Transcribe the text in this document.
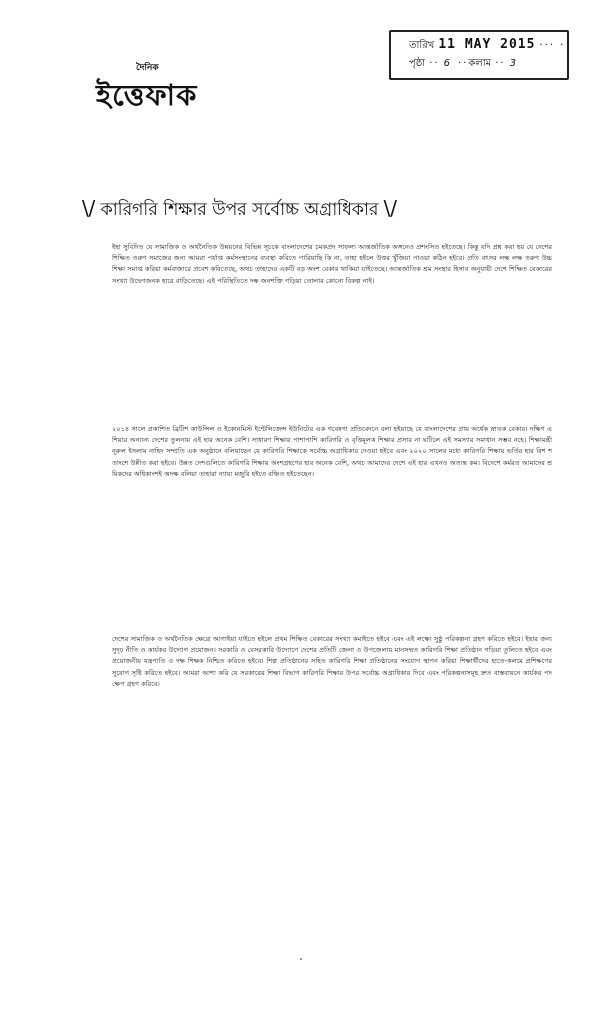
তারিখ 11 MAY 2015 ··· ·
পৃষ্ঠা ·· 6 ·· কলাম ·· 3
দৈনিক
ইত্তেফাক
\/ কারিগরি শিক্ষার উপর সর্বোচ্চ অগ্রাধিকার \/

ইহা সুবিদিত যে সামাজিক ও অর্থনৈতিক উন্নয়নের বিভিন্ন সূচকে বাংলাদেশের চমকপ্রদ সাফল্য আন্তর্জাতিক অঙ্গনেও প্রশংসিত হইতেছে। কিন্তু যদি প্রশ্ন করা হয় যে দেশের শিক্ষিত তরুণ সমাজের জন্য আমরা পর্যাপ্ত কর্মসংস্থানের ব্যবস্থা করিতে পারিয়াছি কি না, তাহা হইলে উত্তর খুঁজিয়া পাওয়া কঠিন হইবে। প্রতি বৎসর লক্ষ লক্ষ তরুণ উচ্চ শিক্ষা সমাপ্ত করিয়া কর্মবাজারে প্রবেশ করিতেছে, অথচ তাহাদের একটি বড় অংশ বেকার থাকিয়া যাইতেছে। আন্তর্জাতিক শ্রম সংস্থার হিসাব অনুযায়ী দেশে শিক্ষিত বেকারের সংখ্যা উদ্বেগজনক হারে বাড়িতেছে। এই পরিস্থিতিতে দক্ষ জনশক্তি গড়িয়া তোলার কোনো বিকল্প নাই।

২০১৪ সালে প্রকাশিত ব্রিটিশ কাউন্সিল ও ইকোনমিস্ট ইন্টেলিজেন্স ইউনিটের এক গবেষণা প্রতিবেদনে বলা হইয়াছে যে বাংলাদেশের প্রায় অর্ধেক স্নাতক বেকার। দক্ষিণ এশিয়ার অন্যান্য দেশের তুলনায় এই হার অনেক বেশি। সাধারণ শিক্ষার পাশাপাশি কারিগরি ও বৃত্তিমূলক শিক্ষার প্রসার না ঘটিলে এই সমস্যার সমাধান সম্ভব নহে। শিক্ষামন্ত্রী নূরুল ইসলাম নাহিদ সম্প্রতি এক অনুষ্ঠানে বলিয়াছেন যে কারিগরি শিক্ষাকে সর্বোচ্চ অগ্রাধিকার দেওয়া হইবে এবং ২০২০ সালের মধ্যে কারিগরি শিক্ষায় ভর্তির হার বিশ শতাংশে উন্নীত করা হইবে। উন্নত দেশগুলিতে কারিগরি শিক্ষায় অংশগ্রহণের হার অনেক বেশি, অথচ আমাদের দেশে এই হার এখনও অত্যন্ত কম। বিদেশে কর্মরত আমাদের শ্রমিকদের অধিকাংশই অদক্ষ বলিয়া তাহারা ন্যায্য মজুরি হইতে বঞ্চিত হইতেছেন।

দেশের সামাজিক ও অর্থনৈতিক ক্ষেত্রে আগাইয়া যাইতে হইলে প্রথম শিক্ষিত বেকারের সংখ্যা কমাইতে হইবে এবং এই লক্ষ্যে সুষ্ঠু পরিকল্পনা গ্রহণ করিতে হইবে। ইহার জন্য সুদৃঢ় নীতি ও কার্যকর উদ্যোগ প্রয়োজন। সরকারি ও বেসরকারি উদ্যোগে দেশের প্রতিটি জেলা ও উপজেলায় মানসম্মত কারিগরি শিক্ষা প্রতিষ্ঠান গড়িয়া তুলিতে হইবে এবং প্রয়োজনীয় যন্ত্রপাতি ও দক্ষ শিক্ষক নিশ্চিত করিতে হইবে। শিল্প প্রতিষ্ঠানের সহিত কারিগরি শিক্ষা প্রতিষ্ঠানের সংযোগ স্থাপন করিয়া শিক্ষার্থীদের হাতে-কলমে প্রশিক্ষণের সুযোগ সৃষ্টি করিতে হইবে। আমরা আশা করি যে সরকারের শিক্ষা বিভাগ কারিগরি শিক্ষার উপর সর্বোচ্চ অগ্রাধিকার দিবে এবং পরিকল্পনাসমূহ দ্রুত বাস্তবায়নে কার্যকর পদক্ষেপ গ্রহণ করিবে।
